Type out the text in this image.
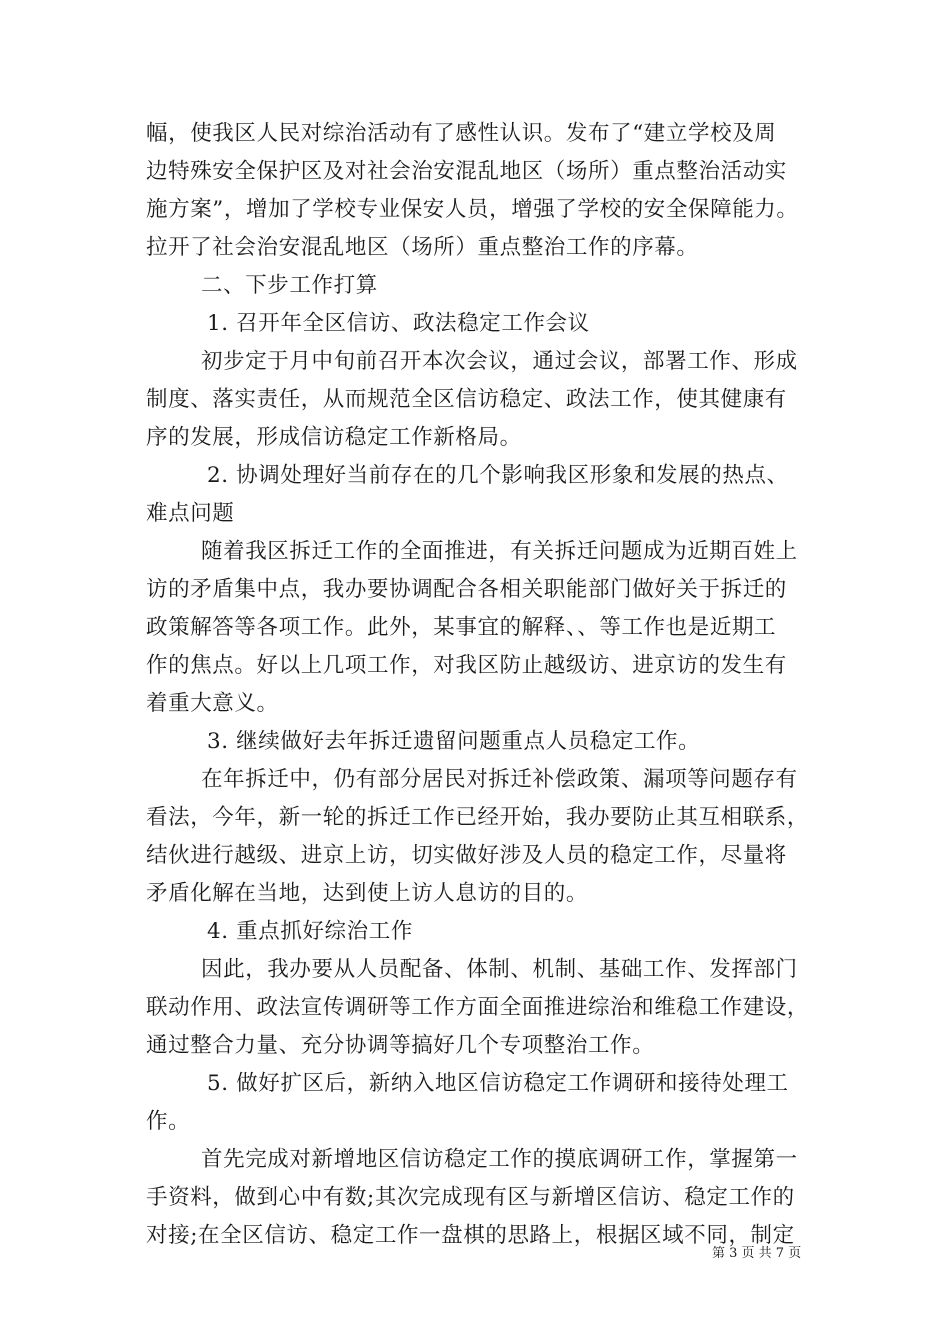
幅，使我区人民对综治活动有了感性认识。发布了“建立学校及周
边特殊安全保护区及对社会治安混乱地区（场所）重点整治活动实
施方案”，增加了学校专业保安人员，增强了学校的安全保障能力。
拉开了社会治安混乱地区（场所）重点整治工作的序幕。
二、下步工作打算
1. 召开年全区信访、政法稳定工作会议
初步定于月中旬前召开本次会议，通过会议，部署工作、形成
制度、落实责任，从而规范全区信访稳定、政法工作，使其健康有
序的发展，形成信访稳定工作新格局。
2. 协调处理好当前存在的几个影响我区形象和发展的热点、
难点问题
随着我区拆迁工作的全面推进，有关拆迁问题成为近期百姓上
访的矛盾集中点，我办要协调配合各相关职能部门做好关于拆迁的
政策解答等各项工作。此外，某事宜的解释、、等工作也是近期工
作的焦点。好以上几项工作，对我区防止越级访、进京访的发生有
着重大意义。
3. 继续做好去年拆迁遗留问题重点人员稳定工作。
在年拆迁中，仍有部分居民对拆迁补偿政策、漏项等问题存有
看法，今年，新一轮的拆迁工作已经开始，我办要防止其互相联系，
结伙进行越级、进京上访，切实做好涉及人员的稳定工作，尽量将
矛盾化解在当地，达到使上访人息访的目的。
4. 重点抓好综治工作
因此，我办要从人员配备、体制、机制、基础工作、发挥部门
联动作用、政法宣传调研等工作方面全面推进综治和维稳工作建设，
通过整合力量、充分协调等搞好几个专项整治工作。
5. 做好扩区后，新纳入地区信访稳定工作调研和接待处理工
作。
首先完成对新增地区信访稳定工作的摸底调研工作，掌握第一
手资料，做到心中有数;其次完成现有区与新增区信访、稳定工作的
对接;在全区信访、稳定工作一盘棋的思路上，根据区域不同，制定
第 3 页 共 7 页
